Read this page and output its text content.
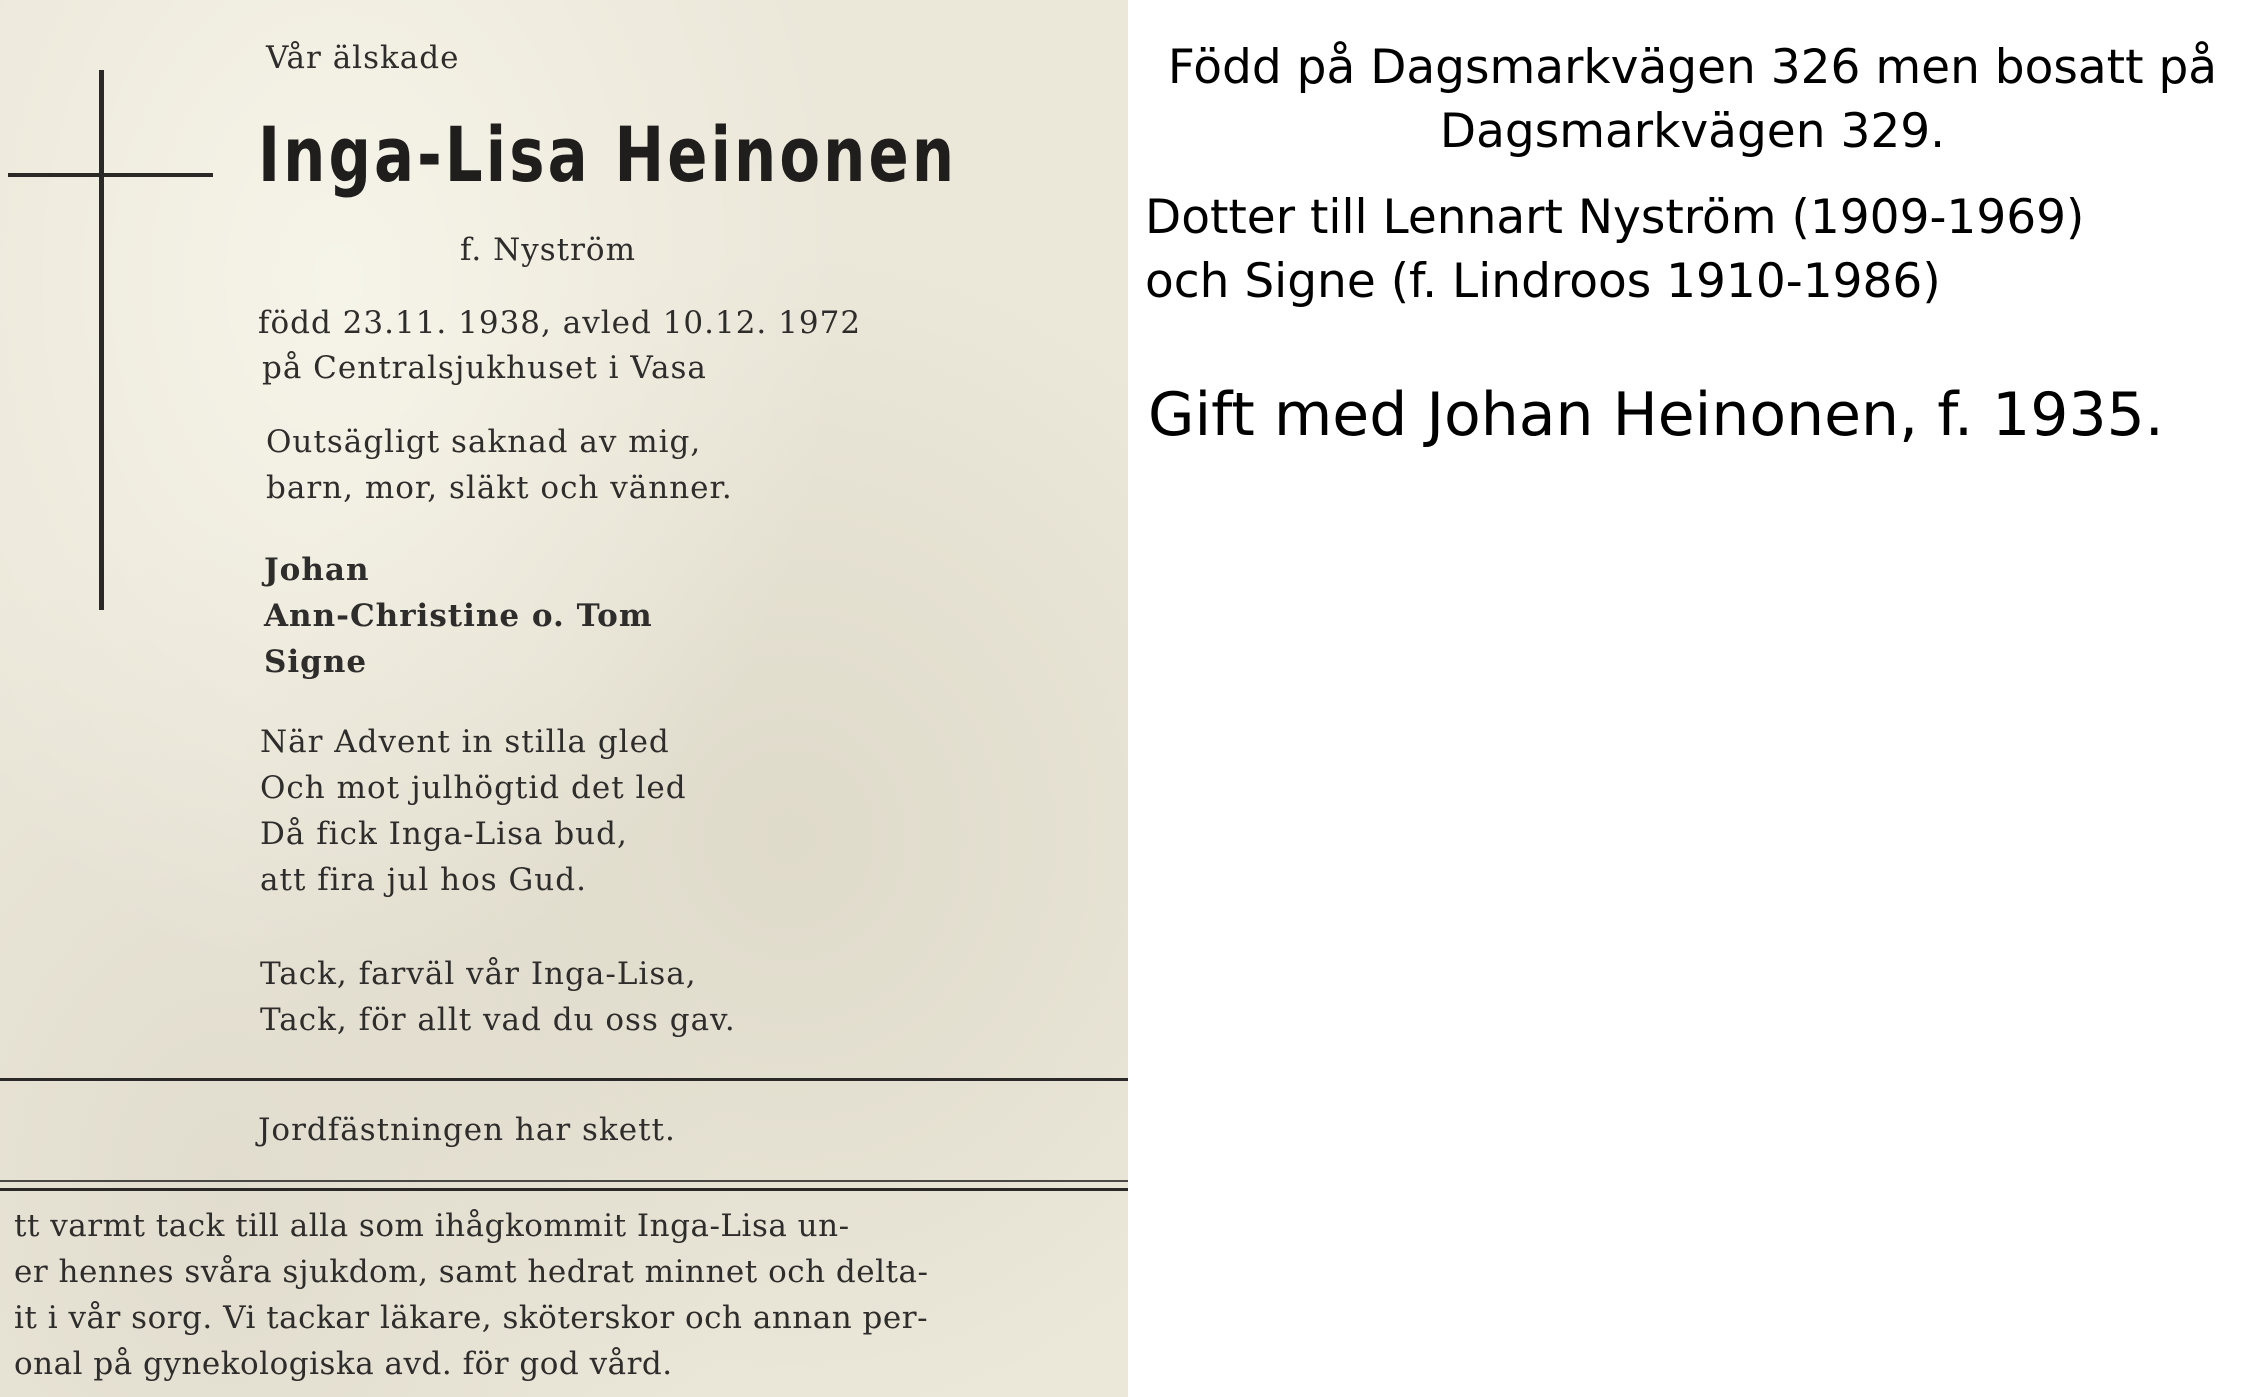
Vår älskade
Inga-Lisa Heinonen
f. Nyström
född 23.11. 1938, avled 10.12. 1972
på Centralsjukhuset i Vasa
Outsägligt saknad av mig,
barn, mor, släkt och vänner.
Johan
Ann-Christine o. Tom
Signe
När Advent in stilla gled
Och mot julhögtid det led
Då fick Inga-Lisa bud,
att fira jul hos Gud.
Tack, farväl vår Inga-Lisa,
Tack, för allt vad du oss gav.
Jordfästningen har skett.
tt varmt tack till alla som ihågkommit Inga-Lisa un-
er hennes svåra sjukdom, samt hedrat minnet och delta-
it i vår sorg. Vi tackar läkare, sköterskor och annan per-
onal på gynekologiska avd. för god vård.
Född på Dagsmarkvägen 326 men bosatt på
Dagsmarkvägen 329.
Dotter till Lennart Nyström (1909-1969)
och Signe (f. Lindroos 1910-1986)
Gift med Johan Heinonen, f. 1935.
